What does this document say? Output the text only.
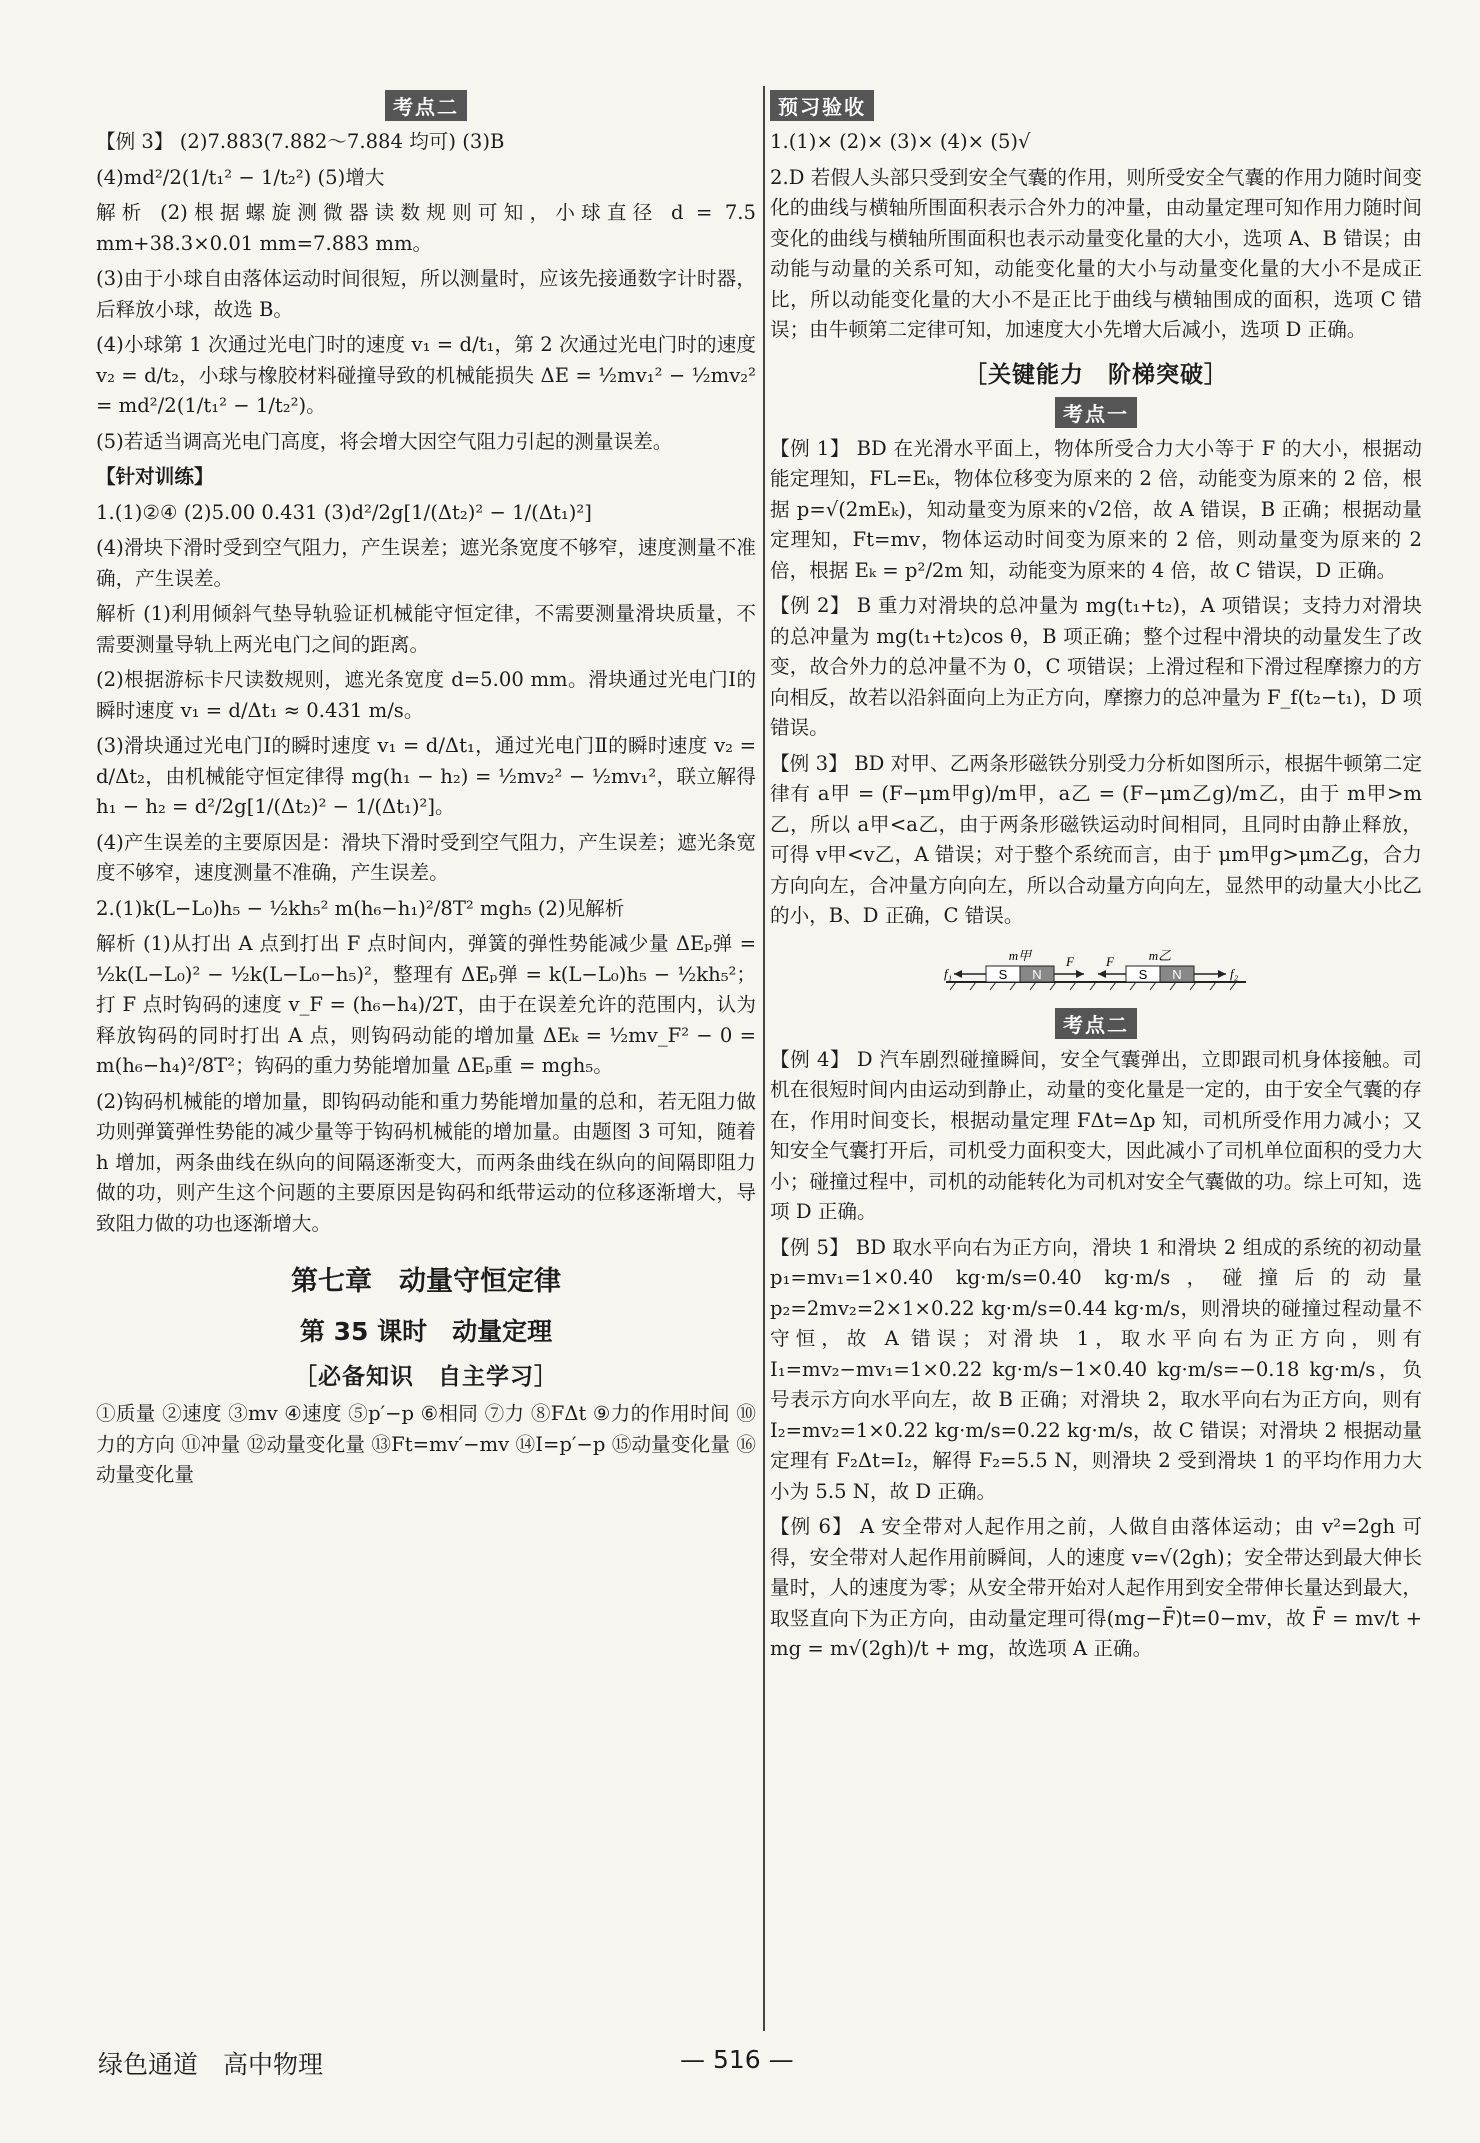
考点二

【例 3】 (2)7.883(7.882～7.884 均可) (3)B

(4)md²/2(1/t₁² − 1/t₂²) (5)增大

解析 (2)根据螺旋测微器读数规则可知，小球直径 d = 7.5 mm+38.3×0.01 mm=7.883 mm。

(3)由于小球自由落体运动时间很短，所以测量时，应该先接通数字计时器，后释放小球，故选 B。

(4)小球第 1 次通过光电门时的速度 v₁ = d/t₁，第 2 次通过光电门时的速度 v₂ = d/t₂，小球与橡胶材料碰撞导致的机械能损失 ΔE = ½mv₁² − ½mv₂² = md²/2(1/t₁² − 1/t₂²)。

(5)若适当调高光电门高度，将会增大因空气阻力引起的测量误差。

【针对训练】

1.(1)②④ (2)5.00 0.431 (3)d²/2g[1/(Δt₂)² − 1/(Δt₁)²]

(4)滑块下滑时受到空气阻力，产生误差；遮光条宽度不够窄，速度测量不准确，产生误差。

解析 (1)利用倾斜气垫导轨验证机械能守恒定律，不需要测量滑块质量，不需要测量导轨上两光电门之间的距离。

(2)根据游标卡尺读数规则，遮光条宽度 d=5.00 mm。滑块通过光电门Ⅰ的瞬时速度 v₁ = d/Δt₁ ≈ 0.431 m/s。

(3)滑块通过光电门Ⅰ的瞬时速度 v₁ = d/Δt₁，通过光电门Ⅱ的瞬时速度 v₂ = d/Δt₂，由机械能守恒定律得 mg(h₁ − h₂) = ½mv₂² − ½mv₁²，联立解得 h₁ − h₂ = d²/2g[1/(Δt₂)² − 1/(Δt₁)²]。

(4)产生误差的主要原因是：滑块下滑时受到空气阻力，产生误差；遮光条宽度不够窄，速度测量不准确，产生误差。

2.(1)k(L−L₀)h₅ − ½kh₅² m(h₆−h₁)²/8T² mgh₅ (2)见解析

解析 (1)从打出 A 点到打出 F 点时间内，弹簧的弹性势能减少量 ΔEₚ弹 = ½k(L−L₀)² − ½k(L−L₀−h₅)²，整理有 ΔEₚ弹 = k(L−L₀)h₅ − ½kh₅²；打 F 点时钩码的速度 v_F = (h₆−h₄)/2T，由于在误差允许的范围内，认为释放钩码的同时打出 A 点，则钩码动能的增加量 ΔEₖ = ½mv_F² − 0 = m(h₆−h₄)²/8T²；钩码的重力势能增加量 ΔEₚ重 = mgh₅。

(2)钩码机械能的增加量，即钩码动能和重力势能增加量的总和，若无阻力做功则弹簧弹性势能的减少量等于钩码机械能的增加量。由题图 3 可知，随着 h 增加，两条曲线在纵向的间隔逐渐变大，而两条曲线在纵向的间隔即阻力做的功，则产生这个问题的主要原因是钩码和纸带运动的位移逐渐增大，导致阻力做的功也逐渐增大。

第七章　动量守恒定律
第 35 课时　动量定理
［必备知识　自主学习］

①质量 ②速度 ③mv ④速度 ⑤p′−p ⑥相同 ⑦力 ⑧FΔt ⑨力的作用时间 ⑩力的方向 ⑪冲量 ⑫动量变化量 ⑬Ft=mv′−mv ⑭I=p′−p ⑮动量变化量 ⑯动量变化量

预习验收

1.(1)× (2)× (3)× (4)× (5)√

2.D 若假人头部只受到安全气囊的作用，则所受安全气囊的作用力随时间变化的曲线与横轴所围面积表示合外力的冲量，由动量定理可知作用力随时间变化的曲线与横轴所围面积也表示动量变化量的大小，选项 A、B 错误；由动能与动量的关系可知，动能变化量的大小与动量变化量的大小不是成正比，所以动能变化量的大小不是正比于曲线与横轴围成的面积，选项 C 错误；由牛顿第二定律可知，加速度大小先增大后减小，选项 D 正确。

［关键能力　阶梯突破］
考点一

【例 1】 BD 在光滑水平面上，物体所受合力大小等于 F 的大小，根据动能定理知，FL=Eₖ，物体位移变为原来的 2 倍，动能变为原来的 2 倍，根据 p=√(2mEₖ)，知动量变为原来的√2倍，故 A 错误，B 正确；根据动量定理知，Ft=mv，物体运动时间变为原来的 2 倍，则动量变为原来的 2 倍，根据 Eₖ = p²/2m 知，动能变为原来的 4 倍，故 C 错误，D 正确。

【例 2】 B 重力对滑块的总冲量为 mg(t₁+t₂)，A 项错误；支持力对滑块的总冲量为 mg(t₁+t₂)cos θ，B 项正确；整个过程中滑块的动量发生了改变，故合外力的总冲量不为 0，C 项错误；上滑过程和下滑过程摩擦力的方向相反，故若以沿斜面向上为正方向，摩擦力的总冲量为 F_f(t₂−t₁)，D 项错误。

【例 3】 BD 对甲、乙两条形磁铁分别受力分析如图所示，根据牛顿第二定律有 a甲 = (F−μm甲g)/m甲，a乙 = (F−μm乙g)/m乙，由于 m甲>m乙，所以 a甲<a乙，由于两条形磁铁运动时间相同，且同时由静止释放，可得 v甲<v乙，A 错误；对于整个系统而言，由于 μm甲g>μm乙g，合力方向向左，合冲量方向向左，所以合动量方向向左，显然甲的动量大小比乙的小，B、D 正确，C 错误。

S N
m甲
S N
m乙
f₁
F F
f₂
考点二

【例 4】 D 汽车剧烈碰撞瞬间，安全气囊弹出，立即跟司机身体接触。司机在很短时间内由运动到静止，动量的变化量是一定的，由于安全气囊的存在，作用时间变长，根据动量定理 FΔt=Δp 知，司机所受作用力减小；又知安全气囊打开后，司机受力面积变大，因此减小了司机单位面积的受力大小；碰撞过程中，司机的动能转化为司机对安全气囊做的功。综上可知，选项 D 正确。

【例 5】 BD 取水平向右为正方向，滑块 1 和滑块 2 组成的系统的初动量 p₁=mv₁=1×0.40 kg·m/s=0.40 kg·m/s，碰撞后的动量 p₂=2mv₂=2×1×0.22 kg·m/s=0.44 kg·m/s，则滑块的碰撞过程动量不守恒，故 A 错误；对滑块 1，取水平向右为正方向，则有 I₁=mv₂−mv₁=1×0.22 kg·m/s−1×0.40 kg·m/s=−0.18 kg·m/s，负号表示方向水平向左，故 B 正确；对滑块 2，取水平向右为正方向，则有 I₂=mv₂=1×0.22 kg·m/s=0.22 kg·m/s，故 C 错误；对滑块 2 根据动量定理有 F₂Δt=I₂，解得 F₂=5.5 N，则滑块 2 受到滑块 1 的平均作用力大小为 5.5 N，故 D 正确。

【例 6】 A 安全带对人起作用之前，人做自由落体运动；由 v²=2gh 可得，安全带对人起作用前瞬间，人的速度 v=√(2gh)；安全带达到最大伸长量时，人的速度为零；从安全带开始对人起作用到安全带伸长量达到最大，取竖直向下为正方向，由动量定理可得(mg−F̄)t=0−mv，故 F̄ = mv/t + mg = m√(2gh)/t + mg，故选项 A 正确。

绿色通道　高中物理	— 516 —
